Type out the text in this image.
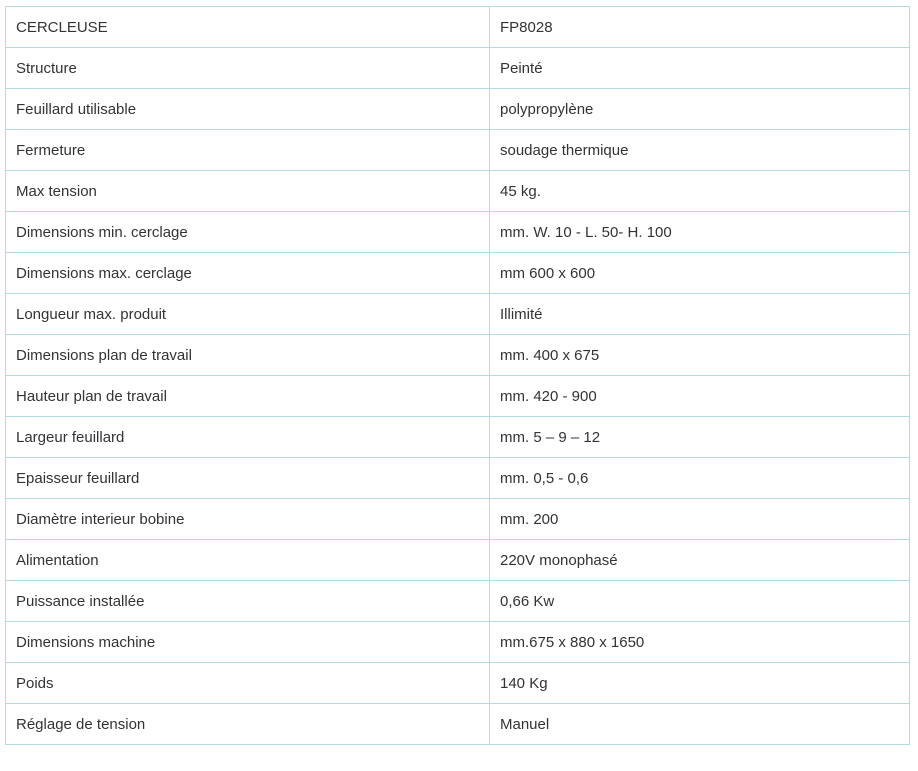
CERCLEUSE	FP8028
Structure	Peinté
Feuillard utilisable	polypropylène
Fermeture	soudage thermique
Max tension	45 kg.
Dimensions min. cerclage	mm. W. 10 - L. 50- H. 100
Dimensions max. cerclage	mm 600 x 600
Longueur max. produit	Illimité
Dimensions plan de travail	mm. 400 x 675
Hauteur plan de travail	mm. 420 - 900
Largeur feuillard	mm. 5 – 9 – 12
Epaisseur feuillard	mm. 0,5 - 0,6
Diamètre interieur bobine	mm. 200
Alimentation	220V monophasé
Puissance installée	0,66 Kw
Dimensions machine	mm.675 x 880 x 1650
Poids	140 Kg
Réglage de tension	Manuel
